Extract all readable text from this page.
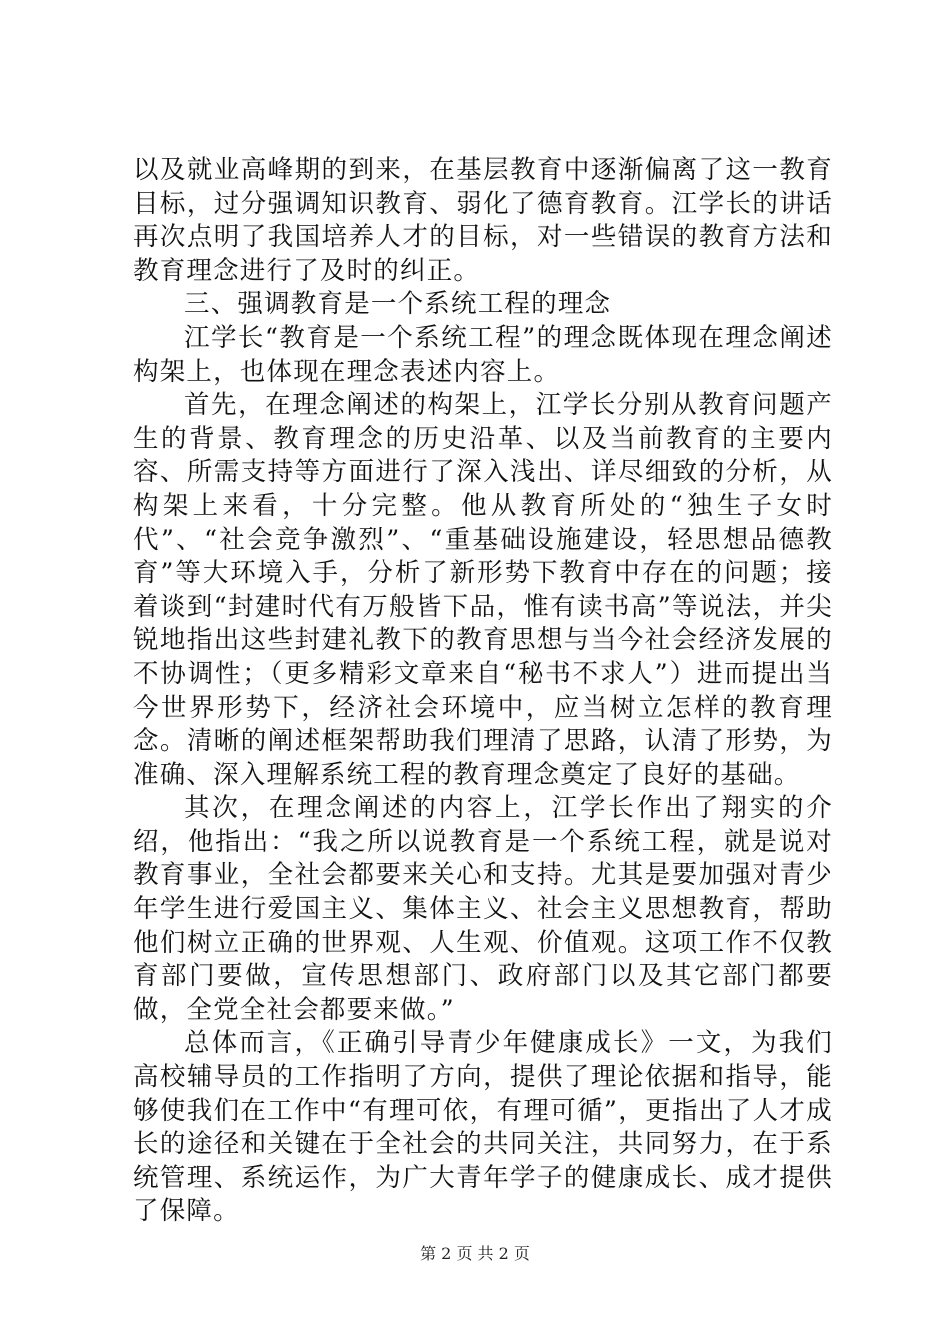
以及就业高峰期的到来，在基层教育中逐渐偏离了这一教育目标，过分强调知识教育、弱化了德育教育。江学长的讲话再次点明了我国培养人才的目标，对一些错误的教育方法和教育理念进行了及时的纠正。

三、强调教育是一个系统工程的理念

江学长“教育是一个系统工程”的理念既体现在理念阐述构架上，也体现在理念表述内容上。

首先，在理念阐述的构架上，江学长分别从教育问题产生的背景、教育理念的历史沿革、以及当前教育的主要内容、所需支持等方面进行了深入浅出、详尽细致的分析，从构架上来看，十分完整。他从教育所处的“独生子女时代”、“社会竞争激烈”、“重基础设施建设，轻思想品德教育”等大环境入手，分析了新形势下教育中存在的问题；接着谈到“封建时代有万般皆下品，惟有读书高”等说法，并尖锐地指出这些封建礼教下的教育思想与当今社会经济发展的不协调性；（更多精彩文章来自“秘书不求人”）进而提出当今世界形势下，经济社会环境中，应当树立怎样的教育理念。清晰的阐述框架帮助我们理清了思路，认清了形势，为准确、深入理解系统工程的教育理念奠定了良好的基础。

其次，在理念阐述的内容上，江学长作出了翔实的介绍，他指出：“我之所以说教育是一个系统工程，就是说对教育事业，全社会都要来关心和支持。尤其是要加强对青少年学生进行爱国主义、集体主义、社会主义思想教育，帮助他们树立正确的世界观、人生观、价值观。这项工作不仅教育部门要做，宣传思想部门、政府部门以及其它部门都要做，全党全社会都要来做。”

总体而言，《正确引导青少年健康成长》一文，为我们高校辅导员的工作指明了方向，提供了理论依据和指导，能够使我们在工作中“有理可依，有理可循”，更指出了人才成长的途径和关键在于全社会的共同关注，共同努力，在于系统管理、系统运作，为广大青年学子的健康成长、成才提供了保障。

第 2 页 共 2 页
